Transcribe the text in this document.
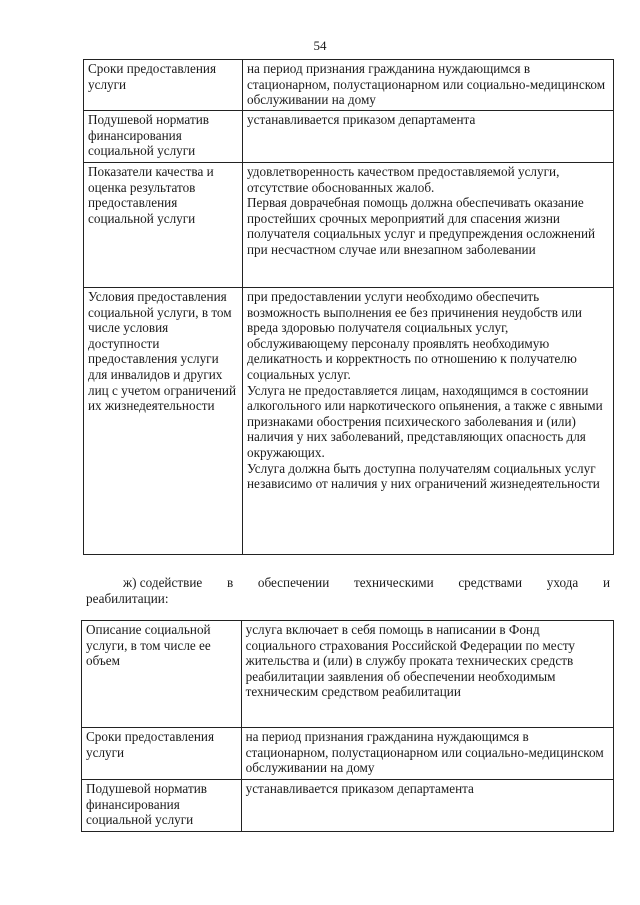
54
Сроки предоставления услуги	на период признания гражданина нуждающимся в стационарном, полустационарном или социально-медицинском обслуживании на дому

Подушевой норматив финансирования социальной услуги	устанавливается приказом департамента

Показатели качества и оценка результатов предоставления социальной услуги	удовлетворенность качеством предоставляемой услуги, отсутствие обоснованных жалоб.
Первая доврачебная помощь должна обеспечивать оказание простейших срочных мероприятий для спасения жизни получателя социальных услуг и предупреждения осложнений при несчастном случае или внезапном заболевании

Условия предоставления социальной услуги, в том числе условия доступности предоставления услуги для инвалидов и других лиц с учетом ограничений их жизнедеятельности	при предоставлении услуги необходимо обеспечить возможность выполнения ее без причинения неудобств или вреда здоровью получателя социальных услуг, обслуживающему персоналу проявлять необходимую деликатность и корректность по отношению к получателю социальных услуг.
Услуга не предоставляется лицам, находящимся в состоянии алкогольного или наркотического опьянения, а также с явными признаками обострения психического заболевания и (или) наличия у них заболеваний, представляющих опасность для окружающих.
Услуга должна быть доступна получателям социальных услуг независимо от наличия у них ограничений жизнедеятельности
ж) содействие в обеспечении техническими средствами ухода и
реабилитации:
Описание социальной услуги, в том числе ее объем	услуга включает в себя помощь в написании в Фонд социального страхования Российской Федерации по месту жительства и (или) в службу проката технических средств реабилитации заявления об обеспечении необходимым техническим средством реабилитации

Сроки предоставления услуги	на период признания гражданина нуждающимся в стационарном, полустационарном или социально-медицинском обслуживании на дому

Подушевой норматив финансирования социальной услуги	устанавливается приказом департамента
